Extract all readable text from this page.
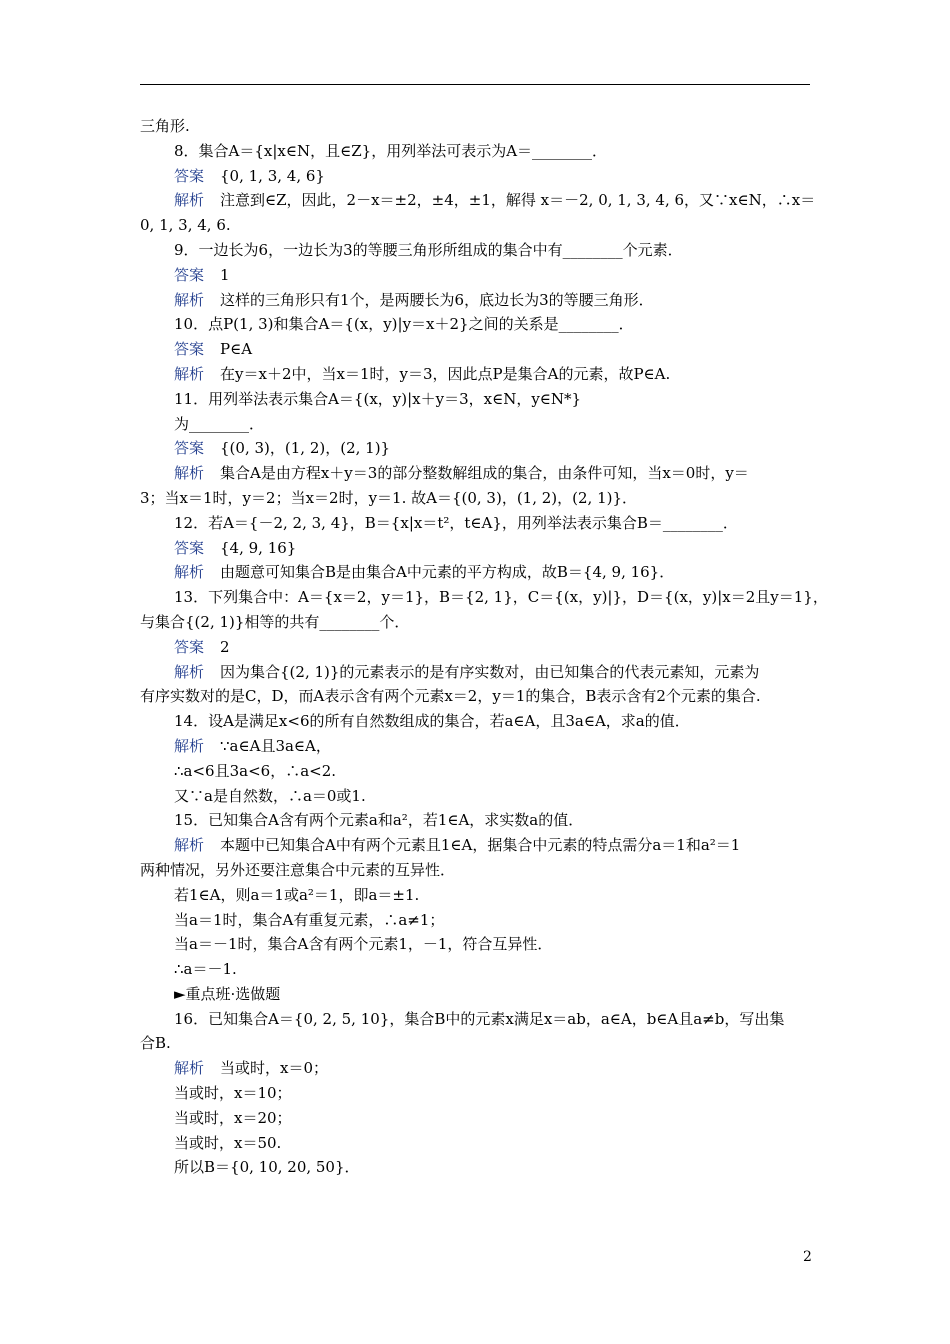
三角形.
8．集合A＝{x|x∈N，且∈Z}，用列举法可表示为A＝________．
答案 {0, 1, 3, 4, 6}
解析 注意到∈Z，因此，2－x＝±2，±4，±1，解得 x＝－2, 0, 1, 3, 4, 6，又∵x∈N，∴x＝
0, 1, 3, 4, 6.
9．一边长为6，一边长为3的等腰三角形所组成的集合中有________个元素．
答案 1
解析 这样的三角形只有1个，是两腰长为6，底边长为3的等腰三角形．
10．点P(1, 3)和集合A＝{(x，y)|y＝x＋2}之间的关系是________．
答案 P∈A
解析 在y＝x＋2中，当x＝1时，y＝3，因此点P是集合A的元素，故P∈A.
11．用列举法表示集合A＝{(x，y)|x＋y＝3，x∈N，y∈N*}
为________．
答案 {(0, 3)，(1, 2)，(2, 1)}
解析 集合A是由方程x＋y＝3的部分整数解组成的集合，由条件可知，当x＝0时，y＝
3；当x＝1时，y＝2；当x＝2时，y＝1. 故A＝{(0, 3)，(1, 2)，(2, 1)}．
12．若A＝{－2, 2, 3, 4}，B＝{x|x＝t²，t∈A}，用列举法表示集合B＝________．
答案 {4, 9, 16}
解析 由题意可知集合B是由集合A中元素的平方构成，故B＝{4, 9, 16}．
13．下列集合中：A＝{x＝2，y＝1}，B＝{2, 1}，C＝{(x，y)|}，D＝{(x，y)|x＝2且y＝1}，
与集合{(2, 1)}相等的共有________个．
答案 2
解析 因为集合{(2, 1)}的元素表示的是有序实数对，由已知集合的代表元素知，元素为
有序实数对的是C，D，而A表示含有两个元素x＝2，y＝1的集合，B表示含有2个元素的集合.
14．设A是满足x<6的所有自然数组成的集合，若a∈A，且3a∈A，求a的值．
解析 ∵a∈A且3a∈A，
∴a<6且3a<6，∴a<2.
又∵a是自然数，∴a＝0或1.
15．已知集合A含有两个元素a和a²，若1∈A，求实数a的值．
解析 本题中已知集合A中有两个元素且1∈A，据集合中元素的特点需分a＝1和a²＝1
两种情况，另外还要注意集合中元素的互异性．
若1∈A，则a＝1或a²＝1，即a＝±1.
当a＝1时，集合A有重复元素，∴a≠1；
当a＝－1时，集合A含有两个元素1，－1，符合互异性．
∴a＝－1.
►重点班·选做题
16．已知集合A＝{0, 2, 5, 10}，集合B中的元素x满足x＝ab，a∈A，b∈A且a≠b，写出集
合B.
解析 当或时，x＝0；
当或时，x＝10；
当或时，x＝20；
当或时，x＝50.
所以B＝{0, 10, 20, 50}．
2
